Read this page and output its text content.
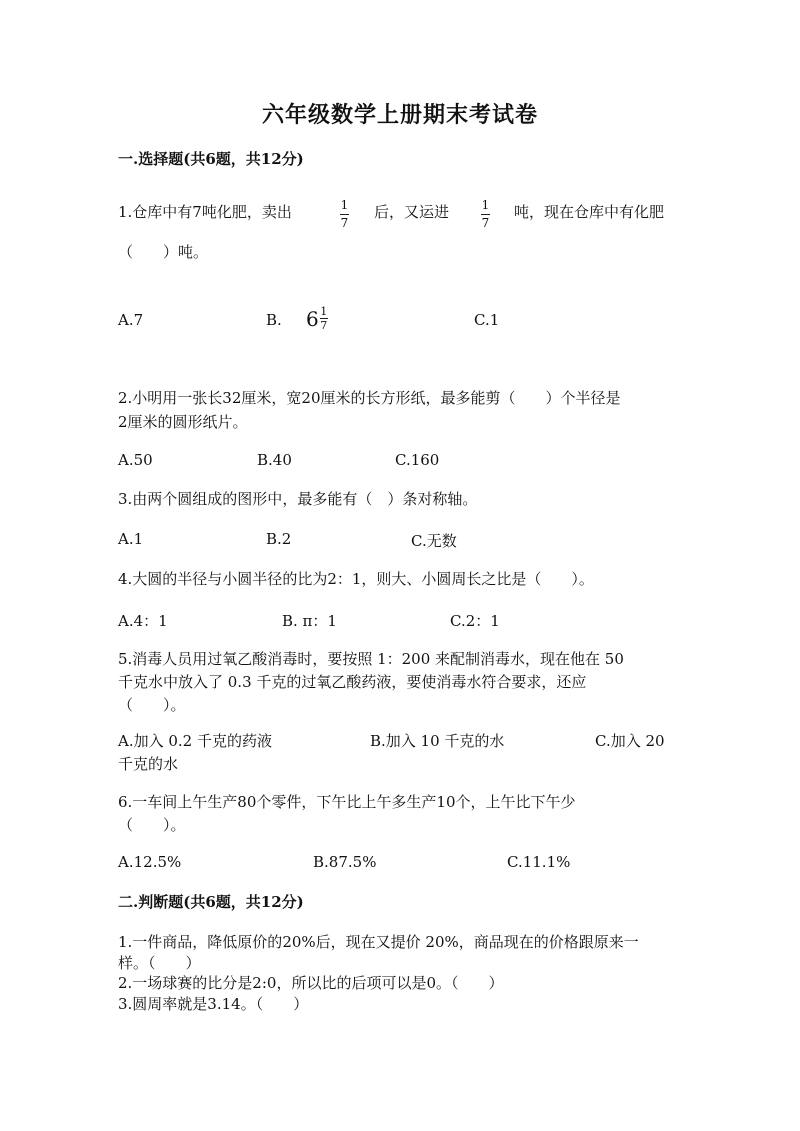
六年级数学上册期末考试卷
一.选择题(共6题，共12分)
1.仓库中有7吨化肥，卖出	1
7
后，又运进	1
7
吨，现在仓库中有化肥
（　　）吨。
A.7	B. $6 \frac{1}{7}$	C.1
2.小明用一张长32厘米，宽20厘米的长方形纸，最多能剪（　　）个半径是
2厘米的圆形纸片。
A.50	B.40	C.160
3.由两个圆组成的图形中，最多能有（　）条对称轴。
A.1	B.2	C.无数
4.大圆的半径与小圆半径的比为2：1，则大、小圆周长之比是（　　）。
A.4：1	B. π：1	C.2：1
5.消毒人员用过氧乙酸消毒时，要按照 1：200 来配制消毒水，现在他在 50
千克水中放入了 0.3 千克的过氧乙酸药液，要使消毒水符合要求，还应
（　　）。
A.加入 0.2 千克的药液	B.加入 10 千克的水	C.加入 20
千克的水
6.一车间上午生产80个零件，下午比上午多生产10个，上午比下午少
（　　）。
A.12.5%	B.87.5%	C.11.1%
二.判断题(共6题，共12分)
1.一件商品，降低原价的20%后，现在又提价 20%，商品现在的价格跟原来一
样。（　　）
2.一场球赛的比分是2:0，所以比的后项可以是0。（　　）
3.圆周率就是3.14。（　　）
